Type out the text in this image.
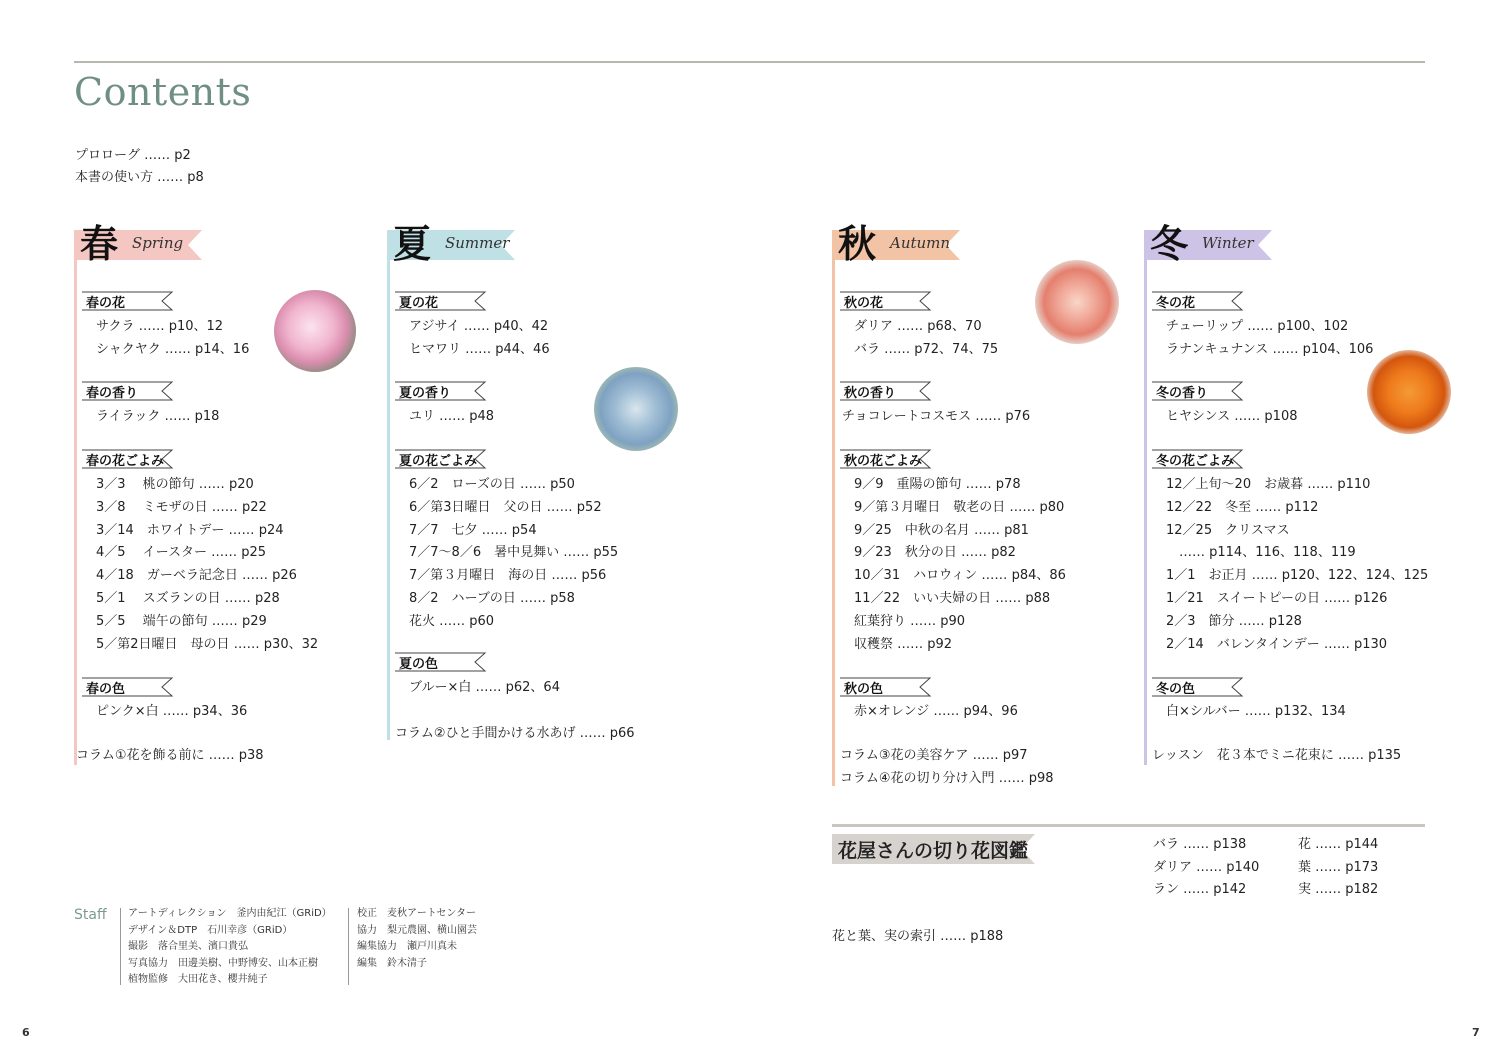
Contents
プロローグ …… p2
本書の使い方 …… p8
春 Spring
春の花
サクラ …… p10、12
シャクヤク …… p14、16
春の香り
ライラック …… p18
春の花ごよみ
3／3　 桃の節句 …… p20
3／8　 ミモザの日 …… p22
3／14　ホワイトデー …… p24
4／5　 イースター …… p25
4／18　ガーベラ記念日 …… p26
5／1　 スズランの日 …… p28
5／5　 端午の節句 …… p29
5／第2日曜日　母の日 …… p30、32
春の色
ピンク×白 …… p34、36
コラム①花を飾る前に …… p38
夏 Summer
夏の花
アジサイ …… p40、42
ヒマワリ …… p44、46
夏の香り
ユリ …… p48
夏の花ごよみ
6／2　ローズの日 …… p50
6／第3日曜日　父の日 …… p52
7／7　七夕 …… p54
7／7～8／6　暑中見舞い …… p55
7／第３月曜日　海の日 …… p56
8／2　ハーブの日 …… p58
花火 …… p60
夏の色
ブルー×白 …… p62、64
コラム②ひと手間かける水あげ …… p66
秋 Autumn
秋の花
ダリア …… p68、70
バラ …… p72、74、75
秋の香り
チョコレートコスモス …… p76
秋の花ごよみ
9／9　重陽の節句 …… p78
9／第３月曜日　敬老の日 …… p80
9／25　中秋の名月 …… p81
9／23　秋分の日 …… p82
10／31　ハロウィン …… p84、86
11／22　いい夫婦の日 …… p88
紅葉狩り …… p90
収穫祭 …… p92
秋の色
赤×オレンジ …… p94、96
コラム③花の美容ケア …… p97
コラム④花の切り分け入門 …… p98
冬 Winter
冬の花
チューリップ …… p100、102
ラナンキュナンス …… p104、106
冬の香り
ヒヤシンス …… p108
冬の花ごよみ
12／上旬～20　お歳暮 …… p110
12／22　冬至 …… p112
12／25　クリスマス
　…… p114、116、118、119
1／1　お正月 …… p120、122、124、125
1／21　スイートピーの日 …… p126
2／3　節分 …… p128
2／14　バレンタインデー …… p130
冬の色
白×シルバー …… p132、134
レッスン　花３本でミニ花束に …… p135
花屋さんの切り花図鑑	バラ …… p138
ダリア …… p140
ラン …… p142
花 …… p144
葉 …… p173
実 …… p182
花と葉、実の索引 …… p188
Staff アートディレクション　釜内由紀江（GRiD）
デザイン＆DTP　石川幸彦（GRiD）
撮影　落合里美、濱口貴弘
写真協力　田邊美樹、中野博安、山本正樹
植物監修　大田花き、櫻井純子
校正　麦秋アートセンター
協力　梨元農園、横山園芸
編集協力　瀬戸川真未
編集　鈴木清子
6	7
